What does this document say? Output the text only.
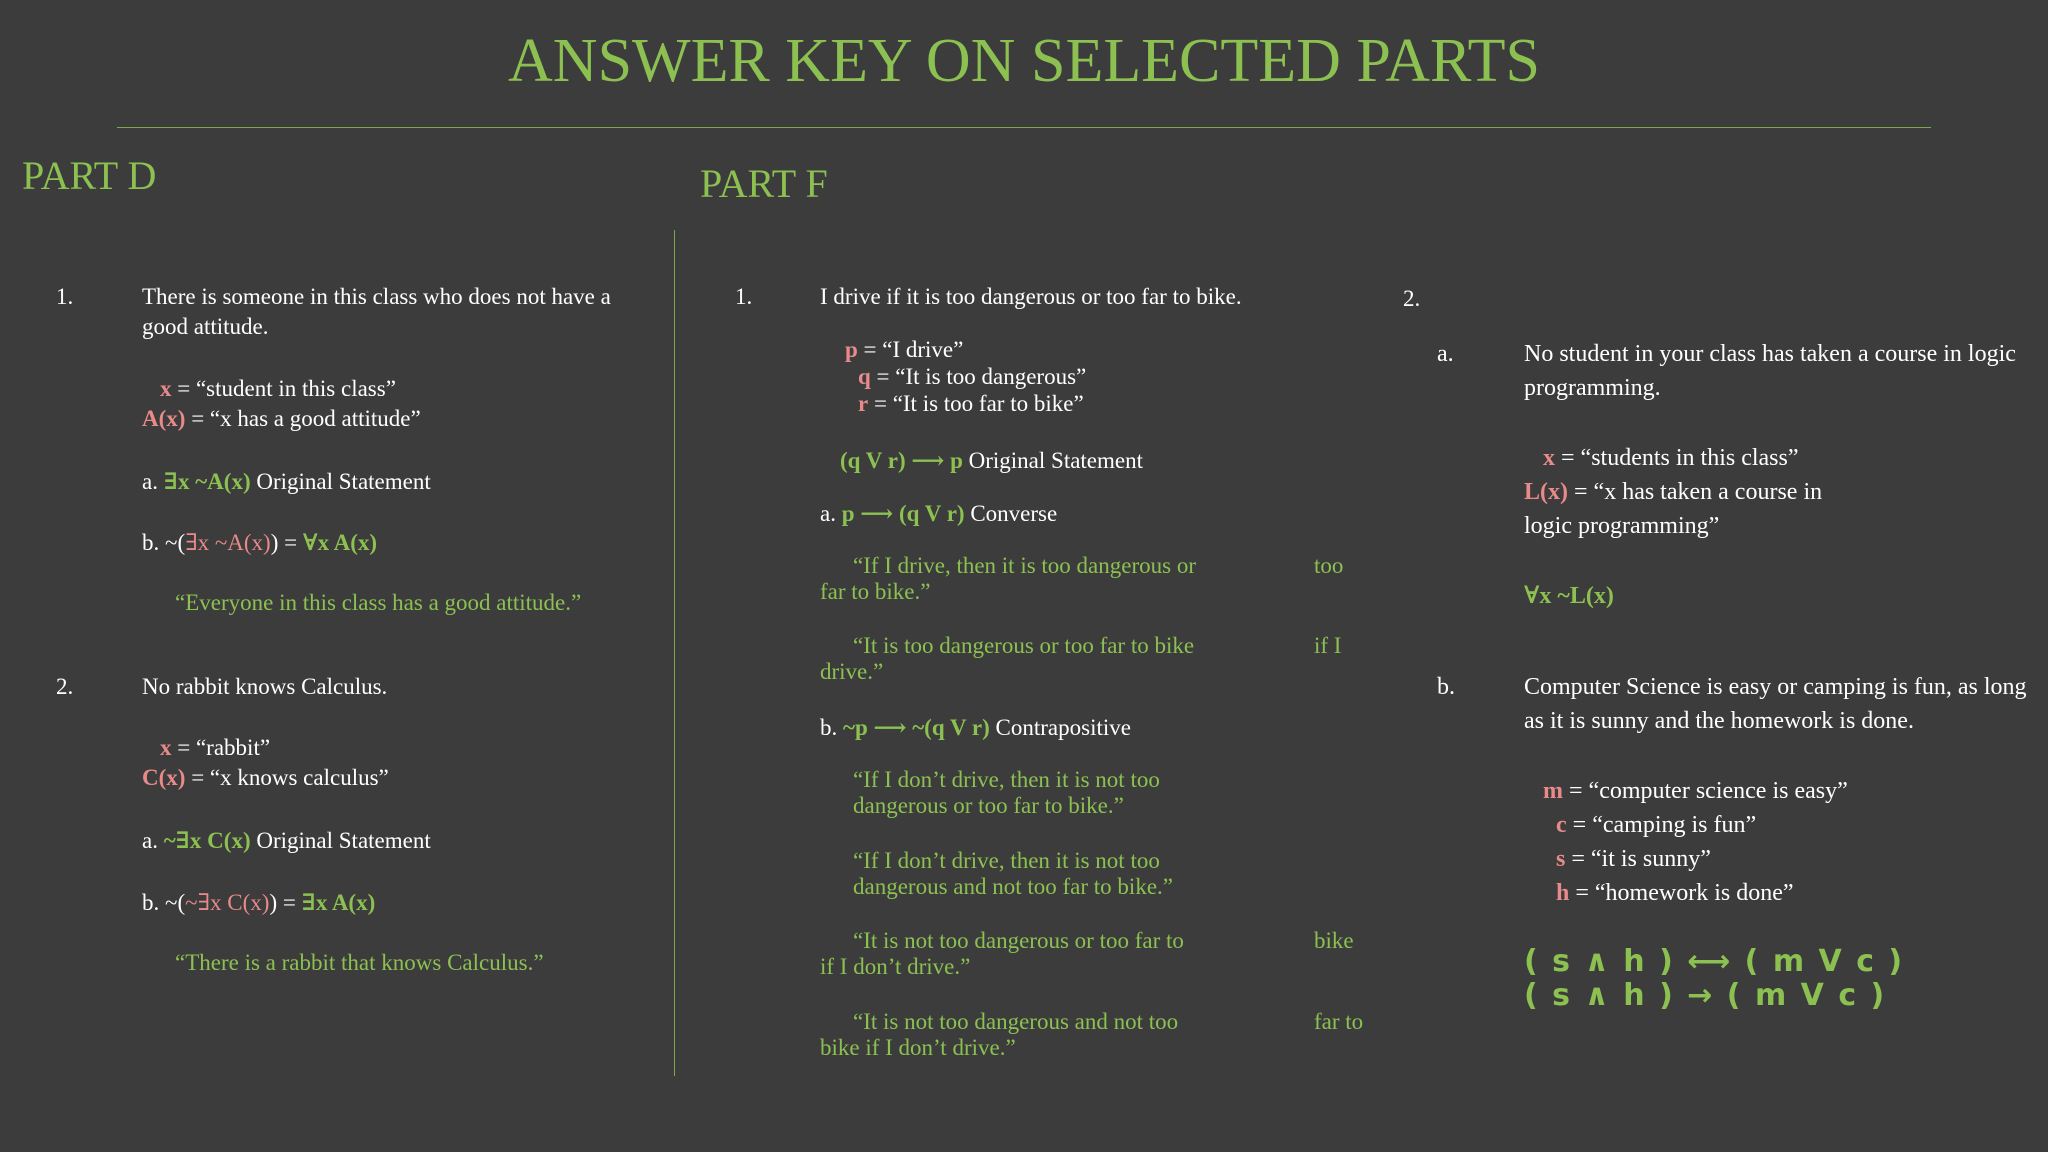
ANSWER KEY ON SELECTED PARTS
PART D
1.	There is someone in this class who does not have a
good attitude.
x = “student in this class”
A(x) = “x has a good attitude”
a. ∃x ~A(x) Original Statement
b. ~(∃x ~A(x)) = ∀x A(x)
“Everyone in this class has a good attitude.”
2.	No rabbit knows Calculus.
x = “rabbit”
C(x) = “x knows calculus”
a. ~∃x C(x) Original Statement
b. ~(~∃x C(x)) = ∃x A(x)
“There is a rabbit that knows Calculus.”
PART F
1.	I drive if it is too dangerous or too far to bike.
p = “I drive”
q = “It is too dangerous”
r = “It is too far to bike”
(q V r) ⟶ p Original Statement
a. p ⟶ (q V r) Converse
“If I drive, then it is too dangerous or
far to bike.”
too
“It is too dangerous or too far to bike
drive.”
if I
b. ~p ⟶ ~(q V r) Contrapositive
“If I don’t drive, then it is not too
dangerous or too far to bike.”
“If I don’t drive, then it is not too
dangerous and not too far to bike.”
“It is not too dangerous or too far to
if I don’t drive.”
bike
“It is not too dangerous and not too
bike if I don’t drive.”
far to
2.
a.	No student in your class has taken a course in logic
programming.
x = “students in this class”
L(x) = “x has taken a course in
logic programming”
∀x ~L(x)
b.	Computer Science is easy or camping is fun, as long
as it is sunny and the homework is done.
m = “computer science is easy”
c = “camping is fun”
s = “it is sunny”
h = “homework is done”
( s ∧ h ) ⟷ ( m V c )
( s ∧ h ) → ( m V c )
